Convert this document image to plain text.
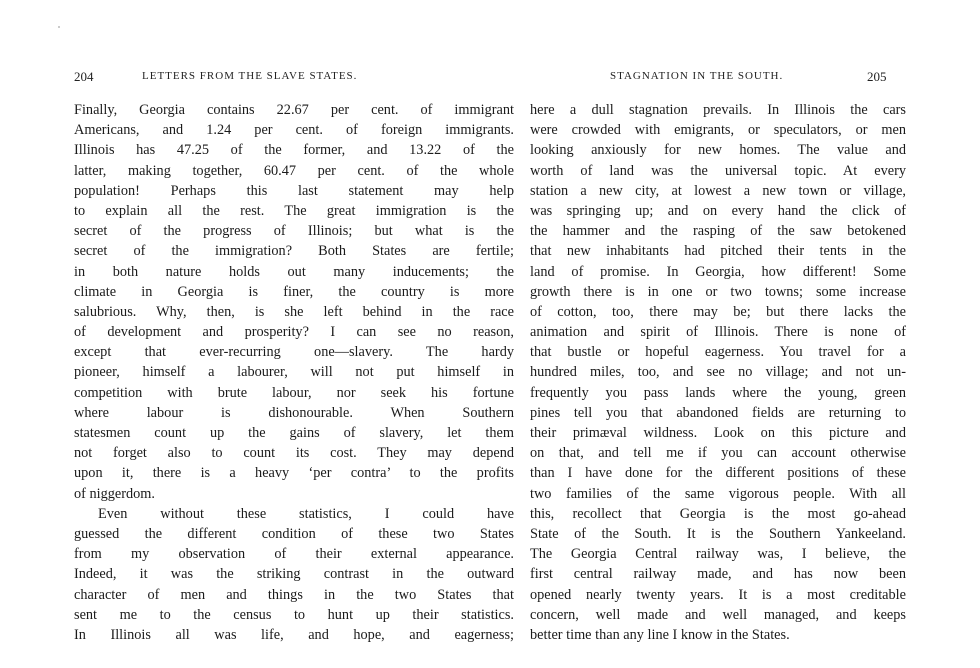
204	LETTERS FROM THE SLAVE STATES.
Finally, Georgia contains 22.67 per cent. of immigrant
Americans, and 1.24 per cent. of foreign immigrants.
Illinois has 47.25 of the former, and 13.22 of the
latter, making together, 60.47 per cent. of the whole
population! Perhaps this last statement may help
to explain all the rest. The great immigration is the
secret of the progress of Illinois; but what is the
secret of the immigration? Both States are fertile;
in both nature holds out many inducements; the
climate in Georgia is finer, the country is more
salubrious. Why, then, is she left behind in the race
of development and prosperity? I can see no reason,
except that ever-recurring one—slavery. The hardy
pioneer, himself a labourer, will not put himself in
competition with brute labour, nor seek his fortune
where labour is dishonourable. When Southern
statesmen count up the gains of slavery, let them
not forget also to count its cost. They may depend
upon it, there is a heavy ‘per contra’ to the profits
of niggerdom.
Even without these statistics, I could have
guessed the different condition of these two States
from my observation of their external appearance.
Indeed, it was the striking contrast in the outward
character of men and things in the two States that
sent me to the census to hunt up their statistics.
In Illinois all was life, and hope, and eagerness;
STAGNATION IN THE SOUTH.	205
here a dull stagnation prevails. In Illinois the cars
were crowded with emigrants, or speculators, or men
looking anxiously for new homes. The value and
worth of land was the universal topic. At every
station a new city, at lowest a new town or village,
was springing up; and on every hand the click of
the hammer and the rasping of the saw betokened
that new inhabitants had pitched their tents in the
land of promise. In Georgia, how different! Some
growth there is in one or two towns; some increase
of cotton, too, there may be; but there lacks the
animation and spirit of Illinois. There is none of
that bustle or hopeful eagerness. You travel for a
hundred miles, too, and see no village; and not un-
frequently you pass lands where the young, green
pines tell you that abandoned fields are returning to
their primæval wildness. Look on this picture and
on that, and tell me if you can account otherwise
than I have done for the different positions of these
two families of the same vigorous people. With all
this, recollect that Georgia is the most go-ahead
State of the South. It is the Southern Yankeeland.
The Georgia Central railway was, I believe, the
first central railway made, and has now been
opened nearly twenty years. It is a most creditable
concern, well made and well managed, and keeps
better time than any line I know in the States.
